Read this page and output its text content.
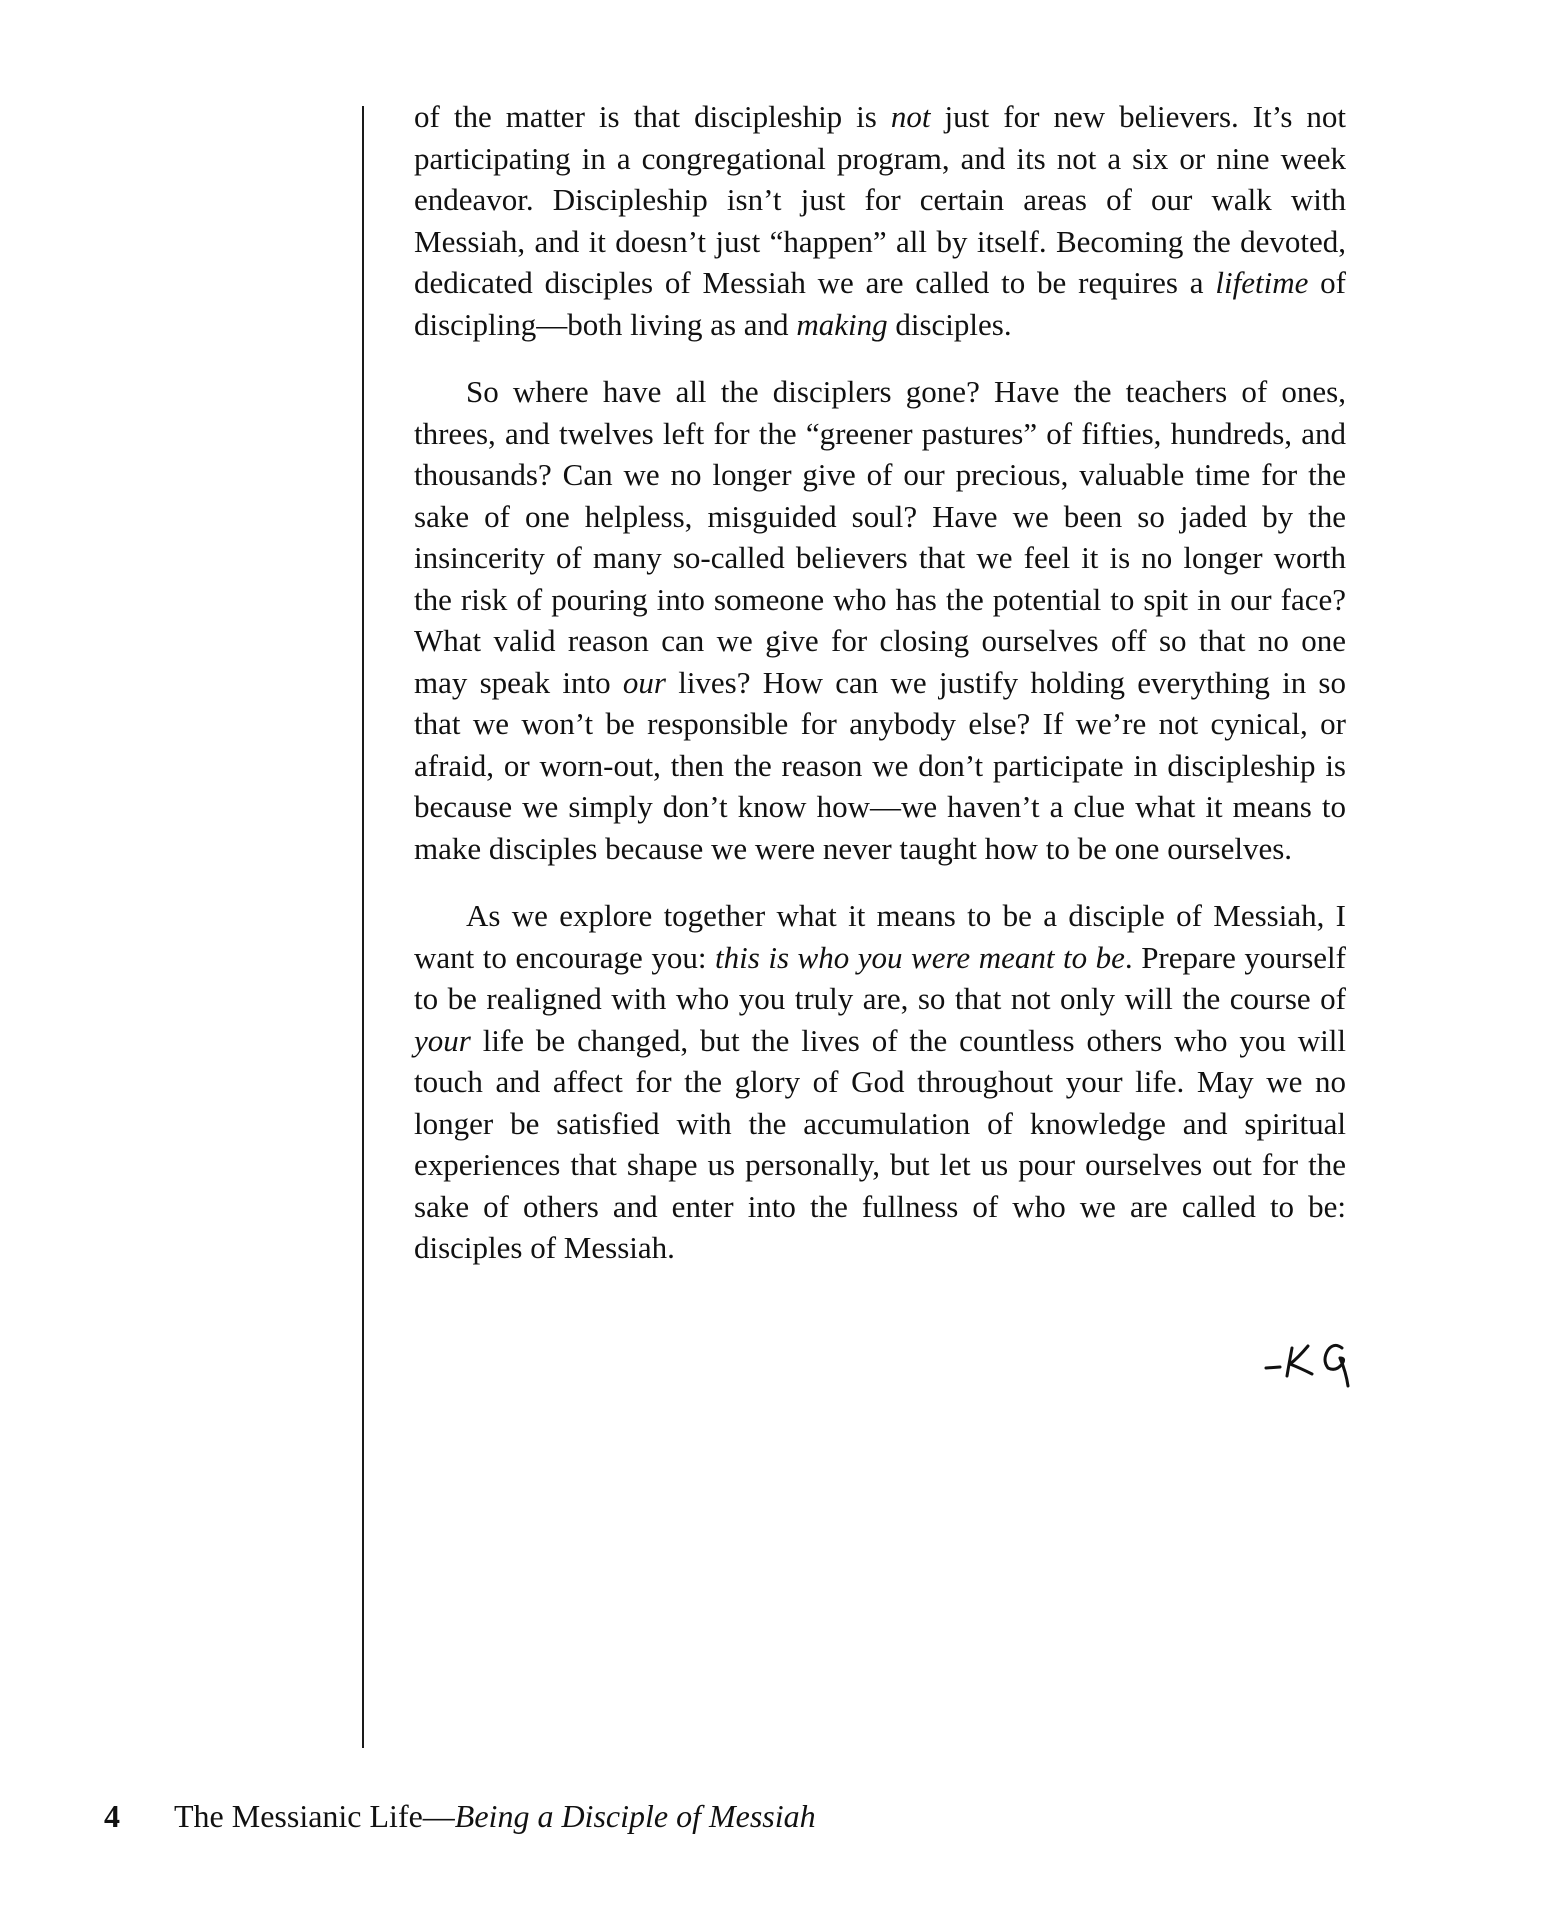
of the matter is that discipleship is not just for new believers. It’s not participating in a congregational program, and its not a six or nine week endeavor. Discipleship isn’t just for certain areas of our walk with Messiah, and it doesn’t just “happen” all by itself. Becoming the devoted, dedicated disciples of Messiah we are called to be requires a lifetime of discipling—both living as and making disciples.

So where have all the disciplers gone? Have the teachers of ones, threes, and twelves left for the “greener pastures” of fifties, hundreds, and thousands? Can we no longer give of our precious, valuable time for the sake of one helpless, misguided soul? Have we been so jaded by the insincerity of many so-called believers that we feel it is no longer worth the risk of pouring into someone who has the potential to spit in our face? What valid reason can we give for closing ourselves off so that no one may speak into our lives? How can we justify holding everything in so that we won’t be responsible for anybody else? If we’re not cynical, or afraid, or worn-out, then the reason we don’t participate in discipleship is because we simply don’t know how—we haven’t a clue what it means to make disciples because we were never taught how to be one ourselves.

As we explore together what it means to be a disciple of Messiah, I want to encourage you: this is who you were meant to be. Prepare yourself to be realigned with who you truly are, so that not only will the course of your life be changed, but the lives of the countless others who you will touch and affect for the glory of God throughout your life. May we no longer be satisfied with the accumulation of knowledge and spiritual experiences that shape us personally, but let us pour ourselves out for the sake of others and enter into the fullness of who we are called to be: disciples of Messiah.

4 The Messianic Life—Being a Disciple of Messiah
